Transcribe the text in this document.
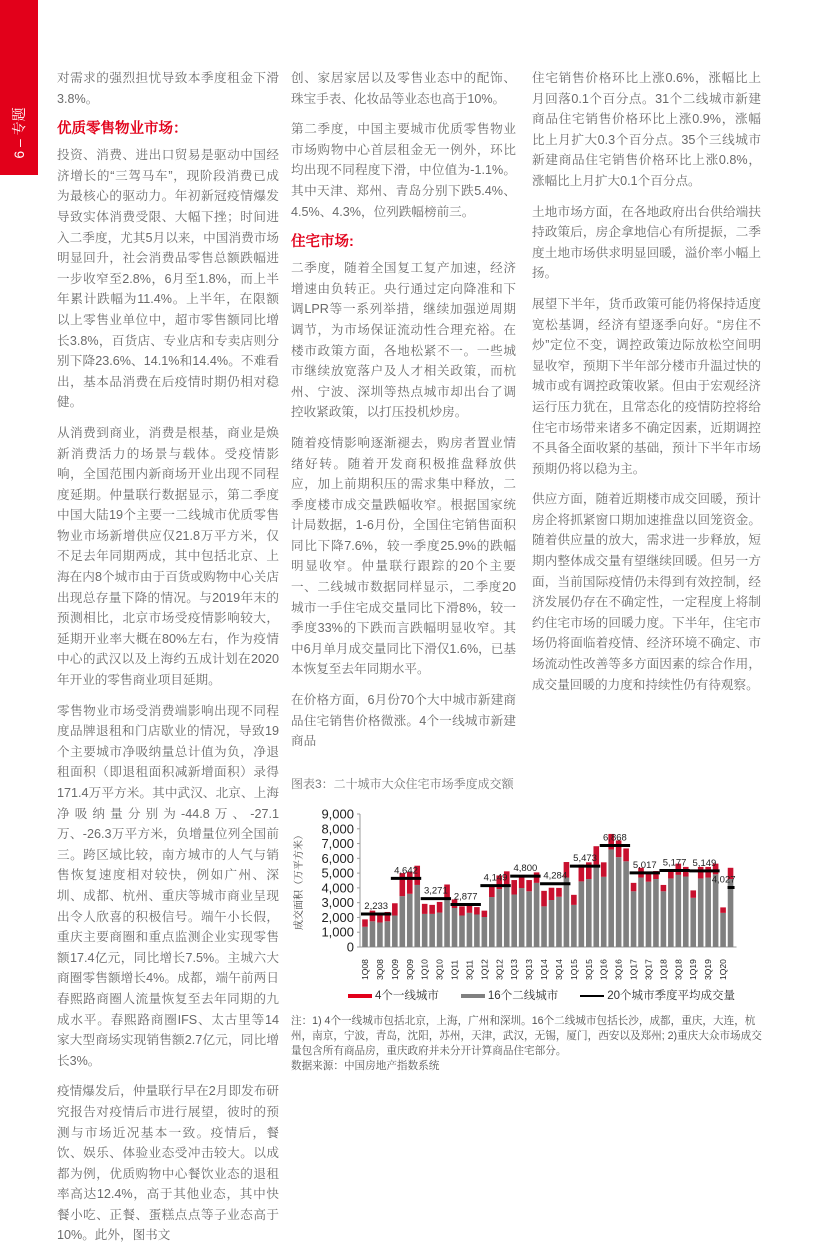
6 – 专题

对需求的强烈担忧导致本季度租金下滑3.8%。

优质零售物业市场：

投资、消费、进出口贸易是驱动中国经济增长的“三驾马车”，现阶段消费已成为最核心的驱动力。年初新冠疫情爆发导致实体消费受限、大幅下挫；时间进入二季度，尤其5月以来，中国消费市场明显回升，社会消费品零售总额跌幅进一步收窄至2.8%，6月至1.8%，而上半年累计跌幅为11.4%。上半年，在限额以上零售业单位中，超市零售额同比增长3.8%，百货店、专业店和专卖店则分别下降23.6%、14.1%和14.4%。不难看出，基本品消费在后疫情时期仍相对稳健。

从消费到商业，消费是根基，商业是焕新消费活力的场景与载体。受疫情影响，全国范围内新商场开业出现不同程度延期。仲量联行数据显示，第二季度中国大陆19个主要一二线城市优质零售物业市场新增供应仅21.8万平方米，仅不足去年同期两成，其中包括北京、上海在内8个城市由于百货或购物中心关店出现总存量下降的情况。与2019年末的预测相比，北京市场受疫情影响较大，延期开业率大概在80%左右，作为疫情中心的武汉以及上海约五成计划在2020年开业的零售商业项目延期。

零售物业市场受消费端影响出现不同程度品牌退租和门店歇业的情况，导致19个主要城市净吸纳量总计值为负，净退租面积（即退租面积减新增面积）录得171.4万平方米。其中武汉、北京、上海净吸纳量分别为-44.8万、-27.1万、-26.3万平方米，负增量位列全国前三。跨区域比较，南方城市的人气与销售恢复速度相对较快，例如广州、深圳、成都、杭州、重庆等城市商业呈现出令人欣喜的积极信号。端午小长假，重庆主要商圈和重点监测企业实现零售额17.4亿元，同比增长7.5%。主城六大商圈零售额增长4%。成都，端午前两日春熙路商圈人流量恢复至去年同期的九成水平。春熙路商圈IFS、太古里等14家大型商场实现销售额2.7亿元，同比增长3%。

疫情爆发后，仲量联行早在2月即发布研究报告对疫情后市进行展望，彼时的预测与市场近况基本一致。疫情后，餐饮、娱乐、体验业态受冲击较大。以成都为例，优质购物中心餐饮业态的退租率高达12.4%，高于其他业态，其中快餐小吃、正餐、蛋糕点点等子业态高于10%。此外，图书文

创、家居家居以及零售业态中的配饰、珠宝手表、化妆品等业态也高于10%。

第二季度，中国主要城市优质零售物业市场购物中心首层租金无一例外，环比均出现不同程度下滑，中位值为-1.1%。其中天津、郑州、青岛分别下跌5.4%、4.5%、4.3%，位列跌幅榜前三。

住宅市场:

二季度，随着全国复工复产加速，经济增速由负转正。央行通过定向降准和下调LPR等一系列举措，继续加强逆周期调节，为市场保证流动性合理充裕。在楼市政策方面，各地松紧不一。一些城市继续放宽落户及人才相关政策，而杭州、宁波、深圳等热点城市却出台了调控收紧政策，以打压投机炒房。

随着疫情影响逐渐褪去，购房者置业情绪好转。随着开发商积极推盘释放供应，加上前期积压的需求集中释放，二季度楼市成交量跌幅收窄。根据国家统计局数据，1-6月份，全国住宅销售面积同比下降7.6%，较一季度25.9%的跌幅明显收窄。仲量联行跟踪的20个主要一、二线城市数据同样显示，二季度20城市一手住宅成交量同比下滑8%，较一季度33%的下跌而言跌幅明显收窄。其中6月单月成交量同比下滑仅1.6%，已基本恢复至去年同期水平。

在价格方面，6月份70个大中城市新建商品住宅销售价格微涨。4个一线城市新建商品

住宅销售价格环比上涨0.6%，涨幅比上月回落0.1个百分点。31个二线城市新建商品住宅销售价格环比上涨0.9%，涨幅比上月扩大0.3个百分点。35个三线城市新建商品住宅销售价格环比上涨0.8%，涨幅比上月扩大0.1个百分点。

土地市场方面，在各地政府出台供给端扶持政策后，房企拿地信心有所提振，二季度土地市场供求明显回暖，溢价率小幅上扬。

展望下半年，货币政策可能仍将保持适度宽松基调，经济有望逐季向好。“房住不炒”定位不变，调控政策边际放松空间明显收窄，预期下半年部分楼市升温过快的城市或有调控政策收紧。但由于宏观经济运行压力犹在，且常态化的疫情防控将给住宅市场带来诸多不确定因素，近期调控不具备全面收紧的基础，预计下半年市场预期仍将以稳为主。

供应方面，随着近期楼市成交回暖，预计房企将抓紧窗口期加速推盘以回笼资金。随着供应量的放大，需求进一步释放，短期内整体成交量有望继续回暖。但另一方面，当前国际疫情仍未得到有效控制，经济发展仍存在不确定性，一定程度上将制约住宅市场的回暖力度。下半年，住宅市场仍将面临着疫情、经济环境不确定、市场流动性改善等多方面因素的综合作用，成交量回暖的力度和持续性仍有待观察。

图表3：二十城市大众住宅市场季度成交额
0
1,000
2,000
3,000
4,000
5,000
6,000
7,000
8,000
9,000
成交面积（万平方米）
1Q08 3Q08 1Q09 3Q09 1Q10 3Q10 1Q11 3Q11 1Q12 3Q12 1Q13 3Q13 1Q14 3Q14 1Q15 3Q15 1Q16 3Q16 1Q17 3Q17 1Q18 3Q18 1Q19 3Q19 1Q20
2,233
4,642
3,271
2,877
4,149
4,800
4,284
5,473
6,868
5,017 5,177 5,149
4,027
4个一线城市	16个二线城市	20个城市季度平均成交量
注：1) 4个一线城市包括北京，上海，广州和深圳。16个二线城市包括长沙，成都，重庆，大连，杭州，南京，宁波，青岛，沈阳，苏州，天津，武汉，无锡，厦门，西安以及郑州; 2)重庆大众市场成交量包含所有商品房，重庆政府并未分开计算商品住宅部分。
数据来源：中国房地产指数系统
